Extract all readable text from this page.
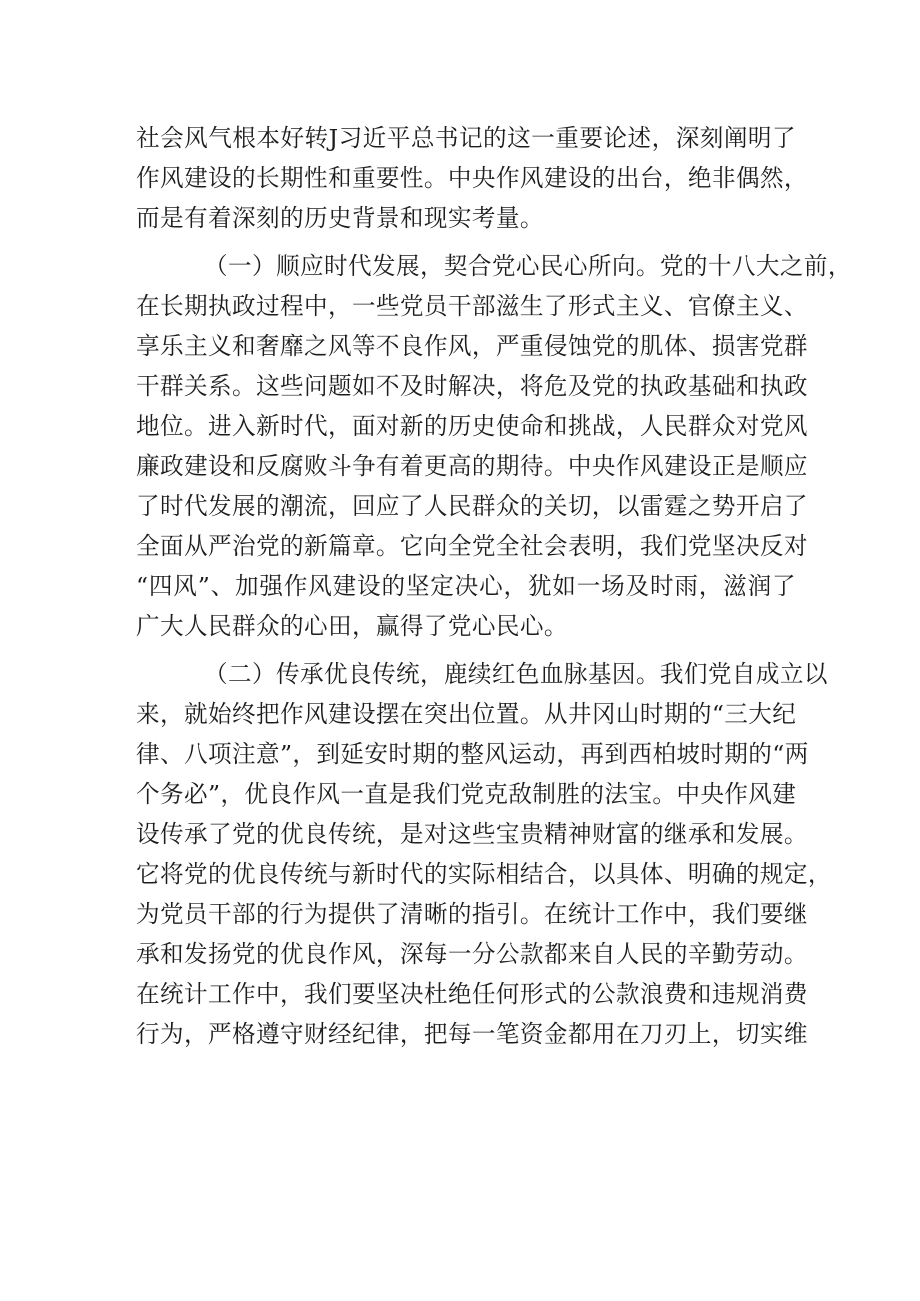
社会风气根本好转J习近平总书记的这一重要论述，深刻阐明了
作风建设的长期性和重要性。中央作风建设的出台，绝非偶然，
而是有着深刻的历史背景和现实考量。
（一）顺应时代发展，契合党心民心所向。党的十八大之前，
在长期执政过程中，一些党员干部滋生了形式主义、官僚主义、
享乐主义和奢靡之风等不良作风，严重侵蚀党的肌体、损害党群
干群关系。这些问题如不及时解决，将危及党的执政基础和执政
地位。进入新时代，面对新的历史使命和挑战，人民群众对党风
廉政建设和反腐败斗争有着更高的期待。中央作风建设正是顺应
了时代发展的潮流，回应了人民群众的关切，以雷霆之势开启了
全面从严治党的新篇章。它向全党全社会表明，我们党坚决反对
“四风”、加强作风建设的坚定决心，犹如一场及时雨，滋润了
广大人民群众的心田，赢得了党心民心。
（二）传承优良传统，鹿续红色血脉基因。我们党自成立以
来，就始终把作风建设摆在突出位置。从井冈山时期的“三大纪
律、八项注意”，到延安时期的整风运动，再到西柏坡时期的“两
个务必”，优良作风一直是我们党克敌制胜的法宝。中央作风建
设传承了党的优良传统，是对这些宝贵精神财富的继承和发展。
它将党的优良传统与新时代的实际相结合，以具体、明确的规定，
为党员干部的行为提供了清晰的指引。在统计工作中，我们要继
承和发扬党的优良作风，深每一分公款都来自人民的辛勤劳动。
在统计工作中，我们要坚决杜绝任何形式的公款浪费和违规消费
行为，严格遵守财经纪律，把每一笔资金都用在刀刃上，切实维
